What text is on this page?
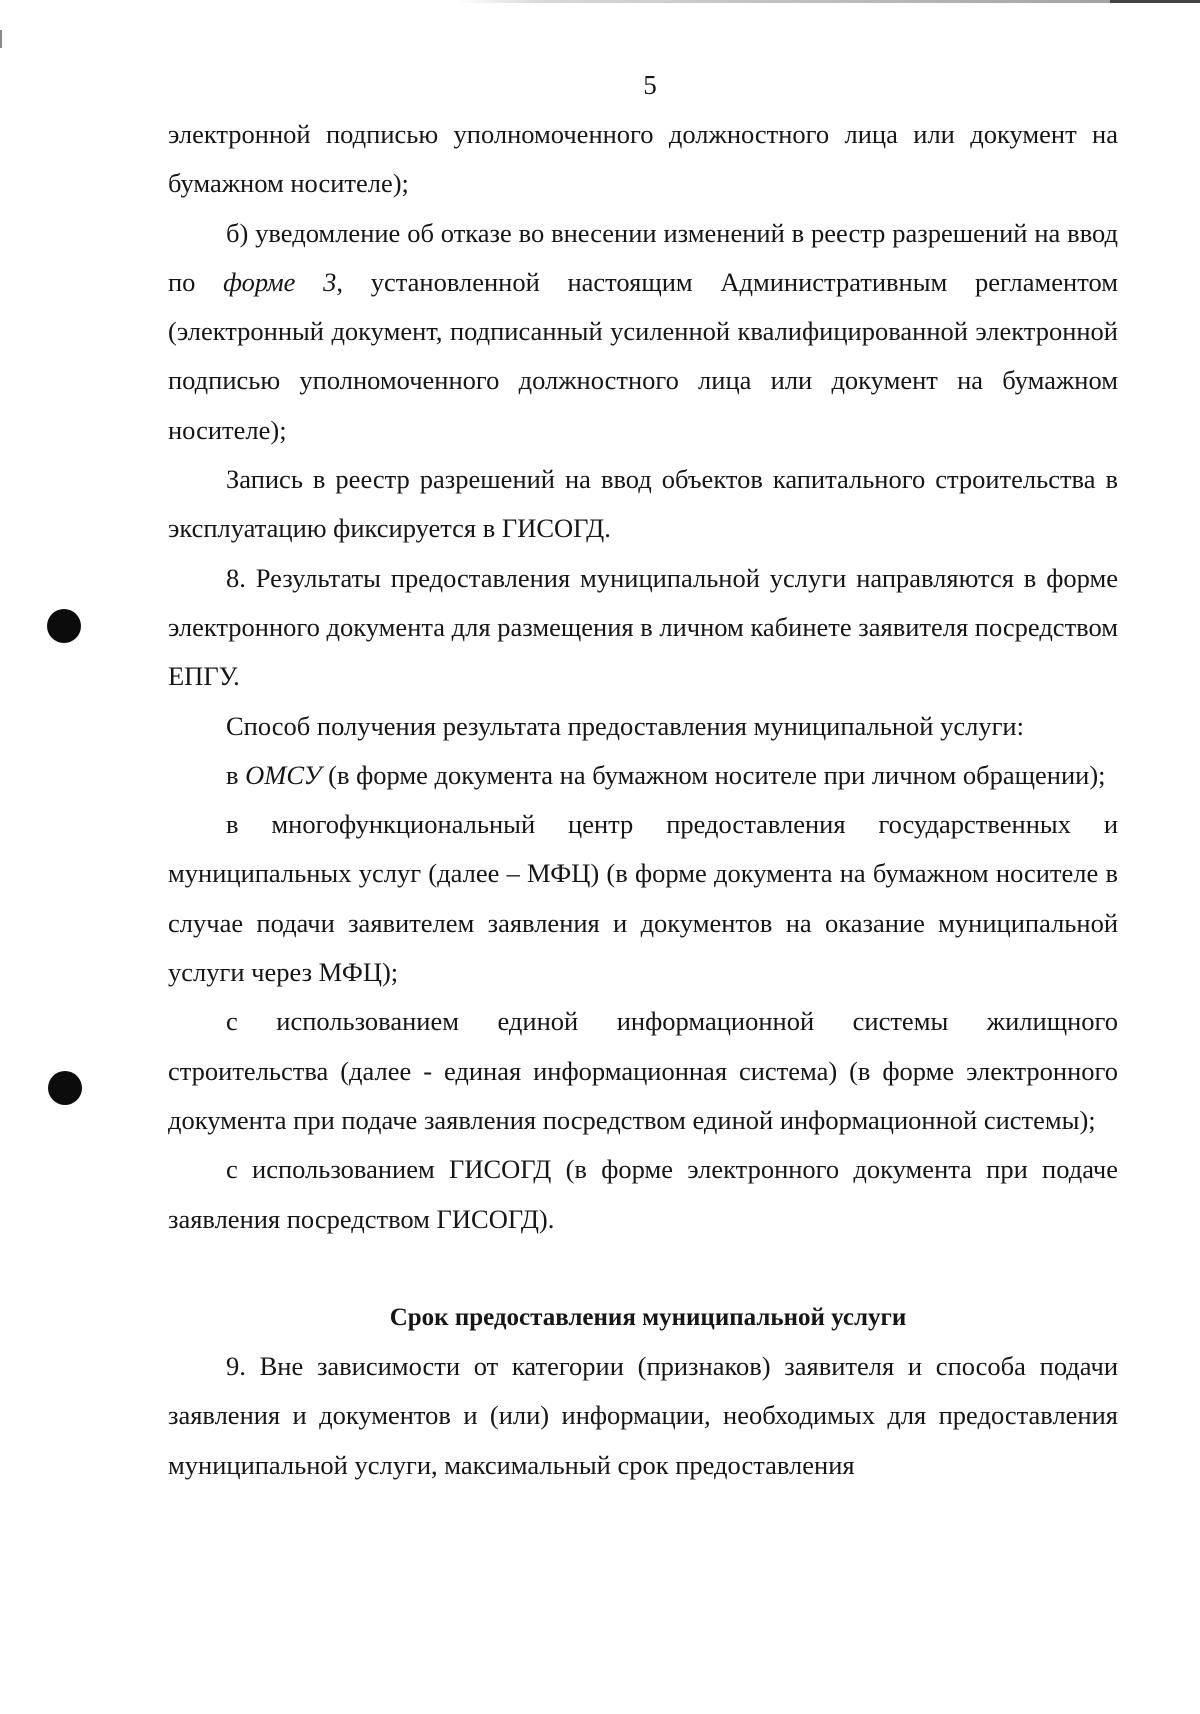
5

электронной подписью уполномоченного должностного лица или документ на бумажном носителе);

б) уведомление об отказе во внесении изменений в реестр разрешений на ввод по форме 3, установленной настоящим Административным регламентом (электронный документ, подписанный усиленной квалифицированной электронной подписью уполномоченного должностного лица или документ на бумажном носителе);

Запись в реестр разрешений на ввод объектов капитального строительства в эксплуатацию фиксируется в ГИСОГД.

8. Результаты предоставления муниципальной услуги направляются в форме электронного документа для размещения в личном кабинете заявителя посредством ЕПГУ.

Способ получения результата предоставления муниципальной услуги:

в ОМСУ (в форме документа на бумажном носителе при личном обращении);

в многофункциональный центр предоставления государственных и муниципальных услуг (далее – МФЦ) (в форме документа на бумажном носителе в случае подачи заявителем заявления и документов на оказание муниципальной услуги через МФЦ);

с использованием единой информационной системы жилищного строительства (далее - единая информационная система) (в форме электронного документа при подаче заявления посредством единой информационной системы);

с использованием ГИСОГД (в форме электронного документа при подаче заявления посредством ГИСОГД).

Срок предоставления муниципальной услуги

9. Вне зависимости от категории (признаков) заявителя и способа подачи заявления и документов и (или) информации, необходимых для предоставления муниципальной услуги, максимальный срок предоставления
